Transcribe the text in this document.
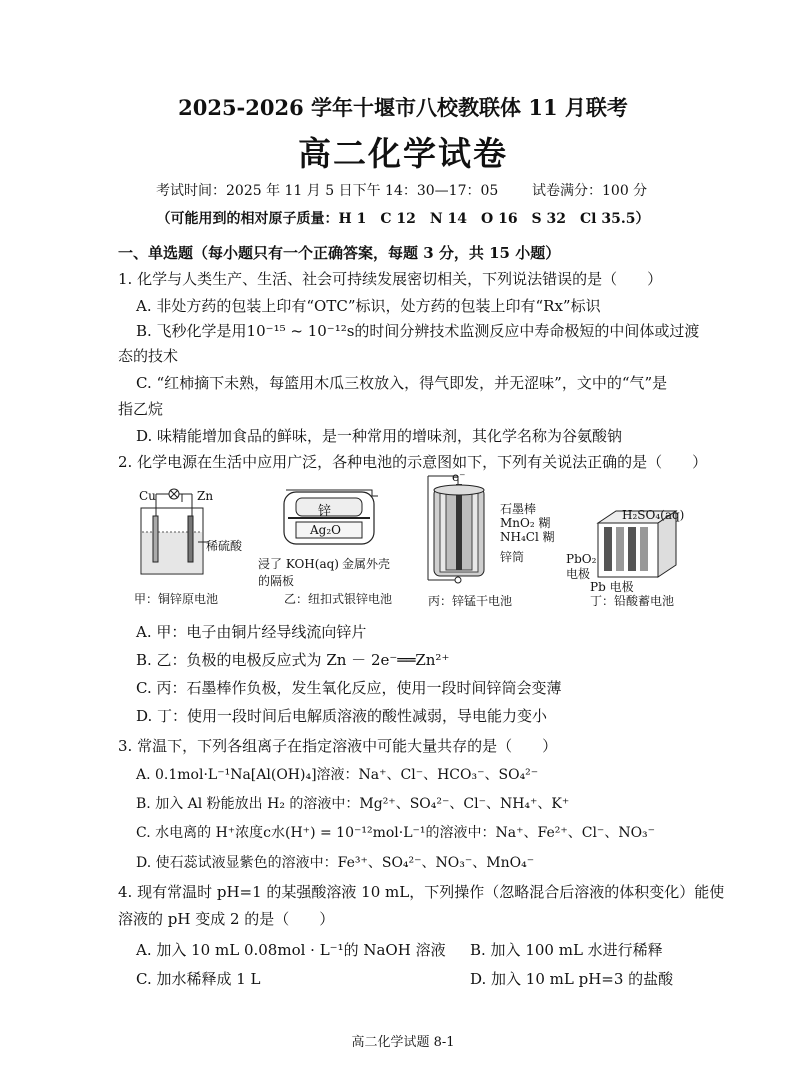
2025-2026 学年十堰市八校教联体 11 月联考
高二化学试卷
考试时间：2025 年 11 月 5 日下午 14：30—17：05 试卷满分：100 分
（可能用到的相对原子质量：H 1　C 12　N 14　O 16　S 32　Cl 35.5）
一、单选题（每小题只有一个正确答案，每题 3 分，共 15 小题）
1. 化学与人类生产、生活、社会可持续发展密切相关，下列说法错误的是（　　）
A. 非处方药的包装上印有“OTC”标识，处方药的包装上印有“Rx”标识
B. 飞秒化学是用10⁻¹⁵ ~ 10⁻¹²s的时间分辨技术监测反应中寿命极短的中间体或过渡
态的技术
C. “红柿摘下未熟，每篮用木瓜三枚放入，得气即发，并无涩味”，文中的“气”是
指乙烷
D. 味精能增加食品的鲜味，是一种常用的增味剂，其化学名称为谷氨酸钠
2. 化学电源在生活中应用广泛，各种电池的示意图如下，下列有关说法正确的是（　　）
Cu	Zn
稀硫酸
甲：铜锌原电池
锌
Ag₂O
浸了 KOH(aq)
的隔板
金属外壳
乙：纽扣式银锌电池
e⁻
石墨棒
MnO₂ 糊
NH₄Cl 糊
锌筒
丙：锌锰干电池
H₂SO₄(aq)
PbO₂
电极
Pb 电极
丁：铅酸蓄电池
A. 甲：电子由铜片经导线流向锌片
B. 乙：负极的电极反应式为 Zn － 2e⁻══Zn²⁺
C. 丙：石墨棒作负极，发生氧化反应，使用一段时间锌筒会变薄
D. 丁：使用一段时间后电解质溶液的酸性减弱，导电能力变小
3. 常温下，下列各组离子在指定溶液中可能大量共存的是（　　）
A. 0.1mol·L⁻¹Na[Al(OH)₄]溶液：Na⁺、Cl⁻、HCO₃⁻、SO₄²⁻
B. 加入 Al 粉能放出 H₂ 的溶液中：Mg²⁺、SO₄²⁻、Cl⁻、NH₄⁺、K⁺
C. 水电离的 H⁺浓度c水(H⁺) = 10⁻¹²mol·L⁻¹的溶液中：Na⁺、Fe²⁺、Cl⁻、NO₃⁻
D. 使石蕊试液显紫色的溶液中：Fe³⁺、SO₄²⁻、NO₃⁻、MnO₄⁻
4. 现有常温时 pH=1 的某强酸溶液 10 mL，下列操作（忽略混合后溶液的体积变化）能使
溶液的 pH 变成 2 的是（　　）
A. 加入 10 mL 0.08mol · L⁻¹的 NaOH 溶液 B. 加入 100 mL 水进行稀释
C. 加水稀释成 1 L	D. 加入 10 mL pH=3 的盐酸
高二化学试题 8-1
